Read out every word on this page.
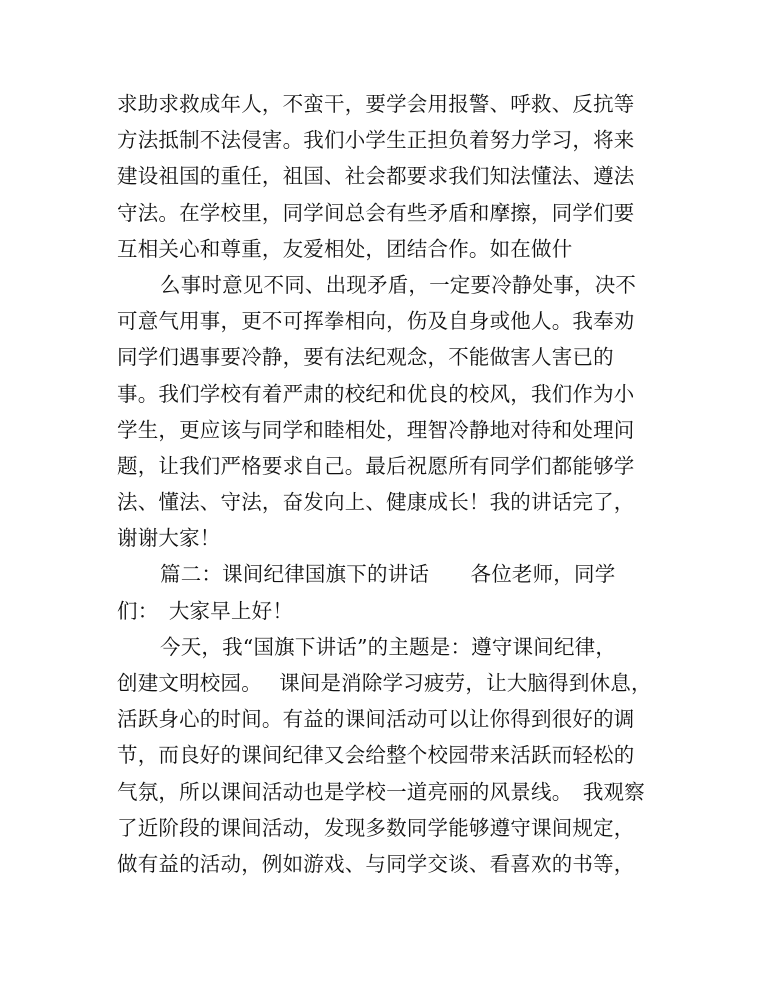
求助求救成年人，不蛮干，要学会用报警、呼救、反抗等
方法抵制不法侵害。我们小学生正担负着努力学习，将来
建设祖国的重任，祖国、社会都要求我们知法懂法、遵法
守法。在学校里，同学间总会有些矛盾和摩擦，同学们要
互相关心和尊重，友爱相处，团结合作。如在做什
么事时意见不同、出现矛盾，一定要冷静处事，决不
可意气用事，更不可挥拳相向，伤及自身或他人。我奉劝
同学们遇事要冷静，要有法纪观念，不能做害人害已的
事。我们学校有着严肃的校纪和优良的校风，我们作为小
学生，更应该与同学和睦相处，理智冷静地对待和处理问
题，让我们严格要求自己。最后祝愿所有同学们都能够学
法、懂法、守法，奋发向上、健康成长！我的讲话完了，
谢谢大家！
篇二：课间纪律国旗下的讲话　　各位老师，同学
们：　大家早上好！
今天，我“国旗下讲话”的主题是：遵守课间纪律，
创建文明校园。　 课间是消除学习疲劳，让大脑得到休息，
活跃身心的时间。有益的课间活动可以让你得到很好的调
节，而良好的课间纪律又会给整个校园带来活跃而轻松的
气氛，所以课间活动也是学校一道亮丽的风景线。　我观察
了近阶段的课间活动，发现多数同学能够遵守课间规定，
做有益的活动，例如游戏、与同学交谈、看喜欢的书等，
